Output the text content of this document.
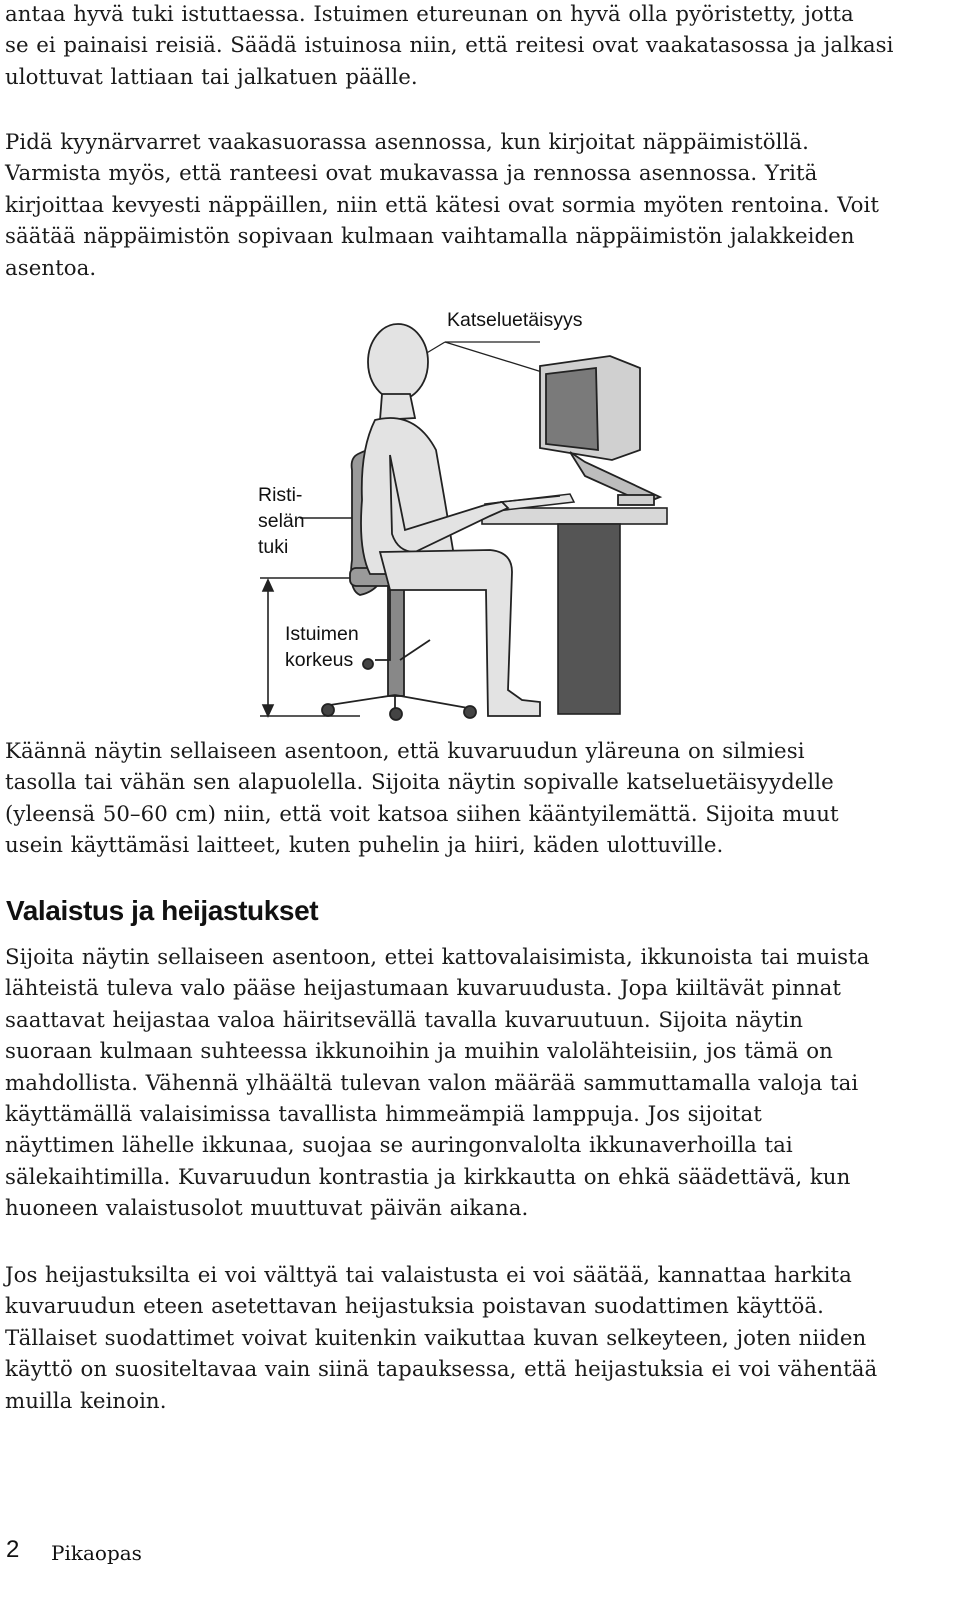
antaa hyvä tuki istuttaessa. Istuimen etureunan on hyvä olla pyöristetty, jotta
se ei painaisi reisiä. Säädä istuinosa niin, että reitesi ovat vaakatasossa ja jalkasi
ulottuvat lattiaan tai jalkatuen päälle.
Pidä kyynärvarret vaakasuorassa asennossa, kun kirjoitat näppäimistöllä.
Varmista myös, että ranteesi ovat mukavassa ja rennossa asennossa. Yritä
kirjoittaa kevyesti näppäillen, niin että kätesi ovat sormia myöten rentoina. Voit
säätää näppäimistön sopivaan kulmaan vaihtamalla näppäimistön jalakkeiden
asentoa.
Katseluetäisyys
Risti-
selän
tuki
Istuimen
korkeus
Käännä näytin sellaiseen asentoon, että kuvaruudun yläreuna on silmiesi
tasolla tai vähän sen alapuolella. Sijoita näytin sopivalle katseluetäisyydelle
(yleensä 50–60 cm) niin, että voit katsoa siihen kääntyilemättä. Sijoita muut
usein käyttämäsi laitteet, kuten puhelin ja hiiri, käden ulottuville.
Valaistus ja heijastukset
Sijoita näytin sellaiseen asentoon, ettei kattovalaisimista, ikkunoista tai muista
lähteistä tuleva valo pääse heijastumaan kuvaruudusta. Jopa kiiltävät pinnat
saattavat heijastaa valoa häiritsevällä tavalla kuvaruutuun. Sijoita näytin
suoraan kulmaan suhteessa ikkunoihin ja muihin valolähteisiin, jos tämä on
mahdollista. Vähennä ylhäältä tulevan valon määrää sammuttamalla valoja tai
käyttämällä valaisimissa tavallista himmeämpiä lamppuja. Jos sijoitat
näyttimen lähelle ikkunaa, suojaa se auringonvalolta ikkunaverhoilla tai
sälekaihtimilla. Kuvaruudun kontrastia ja kirkkautta on ehkä säädettävä, kun
huoneen valaistusolot muuttuvat päivän aikana.
Jos heijastuksilta ei voi välttyä tai valaistusta ei voi säätää, kannattaa harkita
kuvaruudun eteen asetettavan heijastuksia poistavan suodattimen käyttöä.
Tällaiset suodattimet voivat kuitenkin vaikuttaa kuvan selkeyteen, joten niiden
käyttö on suositeltavaa vain siinä tapauksessa, että heijastuksia ei voi vähentää
muilla keinoin.
2 Pikaopas
